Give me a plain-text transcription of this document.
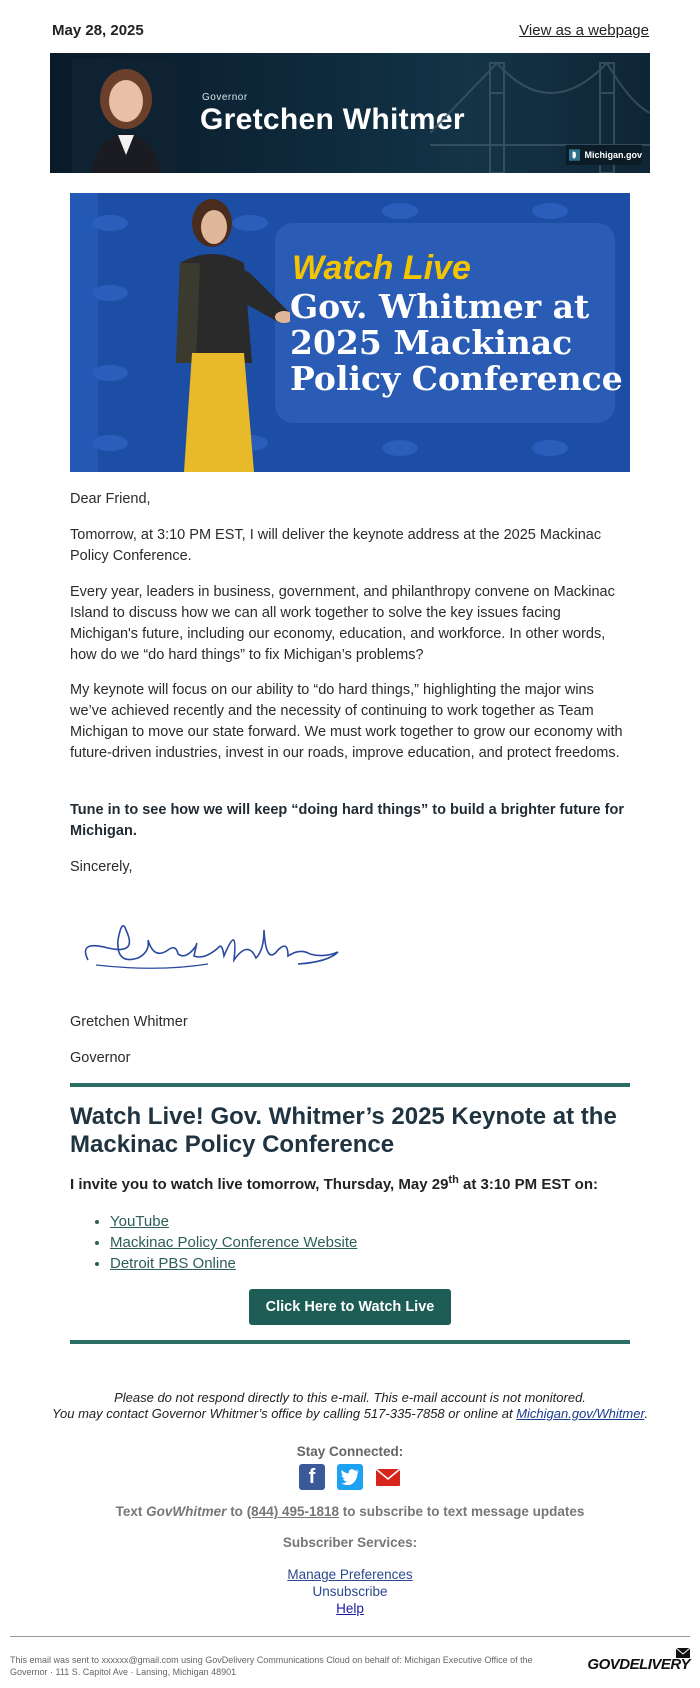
May 28, 2025	View as a webpage
Governor
Gretchen Whitmer
Michigan.gov
Watch Live
Gov. Whitmer at
2025 Mackinac
Policy Conference

Dear Friend,

Tomorrow, at 3:10 PM EST, I will deliver the keynote address at the 2025 Mackinac Policy Conference.

Every year, leaders in business, government, and philanthropy convene on Mackinac Island to discuss how we can all work together to solve the key issues facing Michigan's future, including our economy, education, and workforce. In other words, how do we “do hard things” to fix Michigan’s problems?

My keynote will focus on our ability to “do hard things,” highlighting the major wins we’ve achieved recently and the necessity of continuing to work together as Team Michigan to move our state forward. We must work together to grow our economy with future-driven industries, invest in our roads, improve education, and protect freedoms.

Tune in to see how we will keep “doing hard things” to build a brighter future for Michigan.

Sincerely,

Gretchen Whitmer

Governor

Watch Live! Gov. Whitmer’s 2025 Keynote at the Mackinac Policy Conference

I invite you to watch live tomorrow, Thursday, May 29th at 3:10 PM EST on:

• YouTube
• Mackinac Policy Conference Website
• Detroit PBS Online
Click Here to Watch Live

Please do not respond directly to this e-mail. This e-mail account is not monitored.

You may contact Governor Whitmer’s office by calling 517-335-7858 or online at Michigan.gov/Whitmer.

Stay Connected:

f

Text GovWhitmer to (844) 495-1818 to subscribe to text message updates

Subscriber Services:

Manage Preferences

Unsubscribe

Help

This email was sent to xxxxxx@gmail.com using GovDelivery Communications Cloud on behalf of: Michigan Executive Office of the Governor · 111 S. Capitol Ave · Lansing, Michigan 48901	GOVDELIVERY
